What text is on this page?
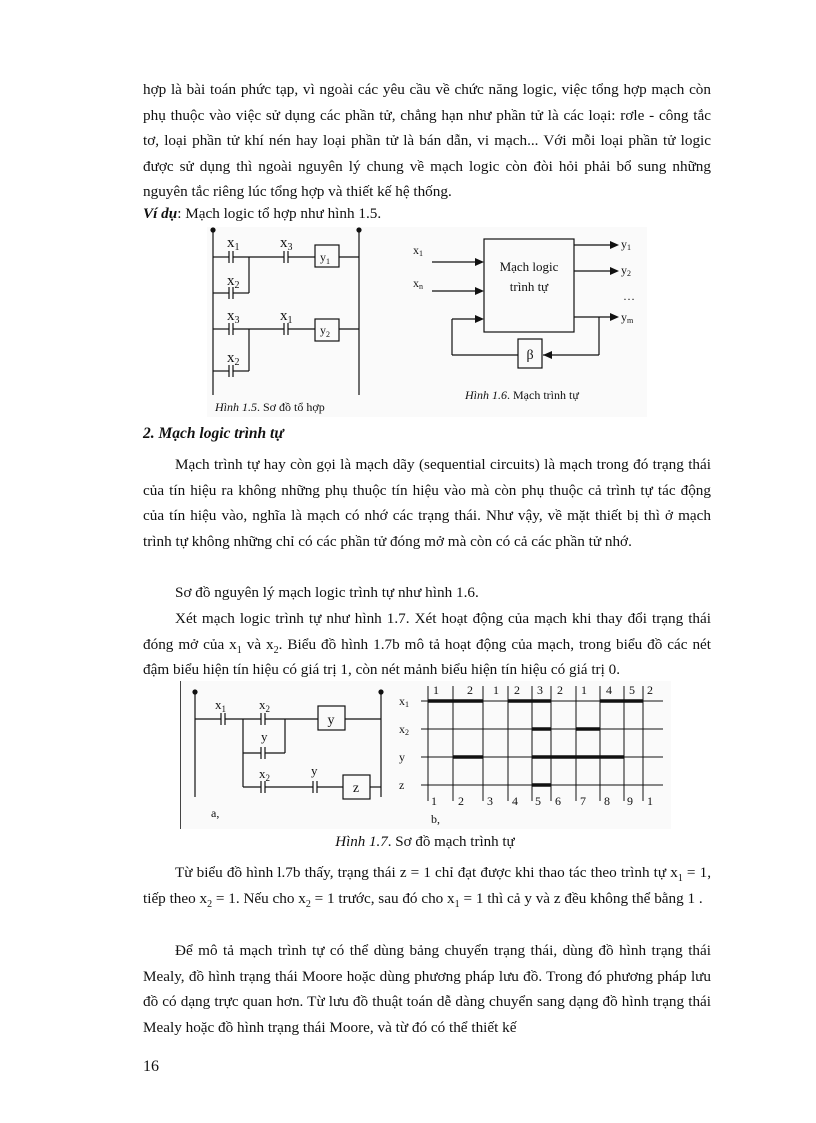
hợp là bài toán phức tạp, vì ngoài các yêu cầu về chức năng logic, việc tổng hợp mạch còn phụ thuộc vào việc sử dụng các phần tử, chẳng hạn như phần tử là các loại: rơle - công tắc tơ, loại phần tử khí nén hay loại phần tử là bán dẫn, vi mạch... Với mỗi loại phần tử logic được sử dụng thì ngoài nguyên lý chung về mạch logic còn đòi hỏi phải bổ sung những nguyên tắc riêng lúc tổng hợp và thiết kế hệ thống.

Ví dụ: Mạch logic tổ hợp như hình 1.5.

$x_1$	$x_3$
$y_1$
$x_2$
$x_3$	$x_1$
$y_2$
$x_2$
Hình 1.5. Sơ đồ tổ hợp
x1
xn
y1
y2
ym
…
Mạch logic
trình tự
β
Hình 1.6. Mạch trình tự

2. Mạch logic trình tự

Mạch trình tự hay còn gọi là mạch dãy (sequential circuits) là mạch trong đó trạng thái của tín hiệu ra không những phụ thuộc tín hiệu vào mà còn phụ thuộc cả trình tự tác động của tín hiệu vào, nghĩa là mạch có nhớ các trạng thái. Như vậy, về mặt thiết bị thì ở mạch trình tự không những chỉ có các phần tử đóng mở mà còn có cả các phần tử nhớ.

Sơ đồ nguyên lý mạch logic trình tự như hình 1.6.

Xét mạch logic trình tự như hình 1.7. Xét hoạt động của mạch khi thay đổi trạng thái đóng mở của $x_1$ và $x_2$. Biểu đồ hình 1.7b mô tả hoạt động của mạch, trong biểu đồ các nét đậm biểu hiện tín hiệu có giá trị 1, còn nét mảnh biểu hiện tín hiệu có giá trị 0.

$x_1$	$x_2$
y
$x_2$	y
y
z
a,	b,
x1
x2
y
z
1 2 1 2 3 2 1 4 5 2
1 2 3 4 5 6 7 8 9 1
Hình 1.7. Sơ đồ mạch trình tự

Từ biểu đồ hình l.7b thấy, trạng thái z = 1 chỉ đạt được khi thao tác theo trình tự $x_1 = 1$, tiếp theo $x_2 = 1$. Nếu cho $x_2 = 1$ trước, sau đó cho $x_1 = 1$ thì cả y và z đều không thể bằng 1 .

Để mô tả mạch trình tự có thể dùng bảng chuyển trạng thái, dùng đồ hình trạng thái Mealy, đồ hình trạng thái Moore hoặc dùng phương pháp lưu đồ. Trong đó phương pháp lưu đồ có dạng trực quan hơn. Từ lưu đồ thuật toán dễ dàng chuyển sang dạng đồ hình trạng thái Mealy hoặc đồ hình trạng thái Moore, và từ đó có thể thiết kế

16
